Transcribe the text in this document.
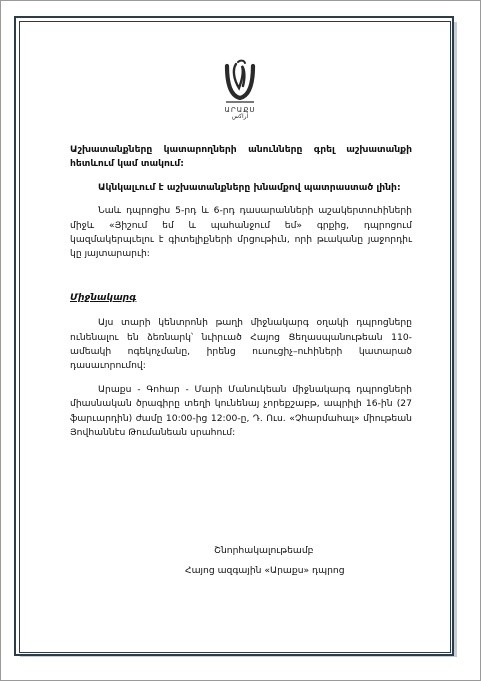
ԱՐԱՔՍ
ﺃﺭﺍﻛﺱ

Աշխատանքները կատարողների անունները գրել աշխատանքի հետևում կամ տակում:

Ակնկալւում է աշխատանքները խնամքով պատրաստած լինի:

Նաև դպրոցիս 5-րդ և 6-րդ դասարանների աշակերտուհիների միջև «Յիշում եմ և պահանջում եմ» գրքից, դպրոցում կազմակերպւելու է գիտելիքների մրցութիւն, որի թւականը յաջորդիւ կը յայտարարւի:

Միջնակարգ

Այս տարի կենտրոնի թաղի միջնակարգ օղակի դպրոցները ունենալու են ձեռնարկ՝ նւիրւած Հայոց Ցեղասպանութեան 110-ամեակի ոգեկոչմանը, իրենց ուսուցիչ–ուհիների կատարած դասաւորումով:

Արաքս - Գոհար - Մարի Մանուկեան միջնակարգ դպրոցների միասնական ծրագիրը տեղի կունենայ չորեքշաբթ, ապրիլի 16-ին (27 ֆարւարդին) ժամը 10:00-ից 12:00-ը, Դ. Ուս. «Չհարմահալ» միութեան Յովհաննէս Թումանեան սրահում:

Շնորհակալութեամբ
Հայոց ազգային «Արաքս» դպրոց
